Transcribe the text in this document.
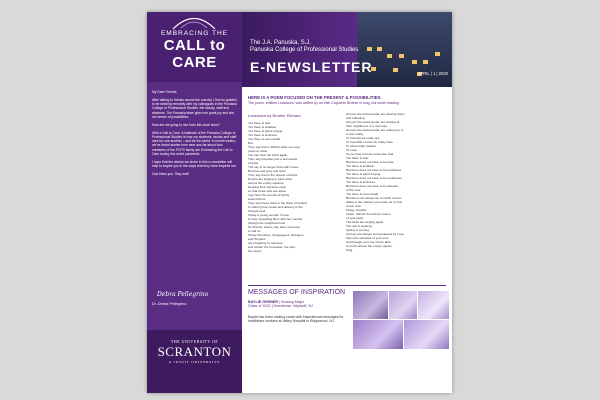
EMBRACING THE
CALL to CARE

My Dear Friends,

After talking to friends across the country, I feel so grateful to be working remotely with my colleagues in the Panuska College of Professional Studies: the faculty, staff and students. The Panuska team gives me great joy and lets me dream of possibilities.

How are we going to rise from this cruel virus?

With a Call to Care. A hallmark of the Panuska College of Professional Studies is how our students, faculty and staff care for one another – and for the world. In recent weeks, we've heard stories from near and far about how members of the PCPS family are Embracing the Call to Care during this world pandemic.

I hope that the stories we share in this e-newsletter will help to inspire you in the ways that they have inspired me.

God bless you. Stay well!

Debra Pellegrino
Dr. Debra Pellegrino
THE UNIVERSITY OF
SCRANTON
A JESUIT UNIVERSITY
The J.A. Panuska, S.J.
Panuska College of Professional Studies
E-NEWSLETTER	APRIL | 1 | 2020
HERE IS A POEM FOCUSED ON THE PRESENT & POSSIBILITIES.
The poem, entitled Lockdown, was written by an Irish Capuchin Brother is long, but worth reading.
Lockdown by Brother Richard
Yes there is fear.
Yes there is isolation.
Yes there is panic buying.
Yes there is sickness.
Yes there is even death.
But,
They say that in Wuhan after so many
years of noise
You can hear the birds again.
They say that after just a few weeks
of quiet
The sky is no longer thick with fumes
But blue and grey and clear.
They say that in the streets of Assisi
People are singing to each other
across the empty squares,
keeping their windows open
so that those who are alone
may hear the sounds of family
around them.
They say that a hotel in the West of Ireland
Is offering free meals and delivery to the
housebound.
Today a young woman I know
is busy spreading fliers with her number
through the neighbourhood
So that the elders may have someone
to call on.
Today Churches, Synagogues, Mosques
and Temples
are preparing to welcome
and shelter the homeless, the sick,
the weary
All over the world people are slowing down
and reflecting
All over the world people are looking at
their neighbours in a new way
All over the world people are waking up to
a new reality
To how big we really are.
To how little control we really have.
To what really matters.
To Love.
So we pray and we remember that
Yes there is fear.
But there does not have to be hate.
Yes there is isolation.
But there does not have to be loneliness.
Yes there is panic buying.
But there does not have to be meanness.
Yes there is sickness.
But there does not have to be disease
of the soul
Yes there is even death.
But there can always be a rebirth of love.
Wake to the choices you make as to how
to live now.
Today, breathe.
Listen, behind the factory noises
of your panic
The birds are singing again
The sky is clearing,
Spring is coming,
And we are always encompassed by Love.
Open the windows of your soul
And though you may not be able
to touch across the empty square,
Sing.
MESSAGES OF INSPIRATION
BAYLIE GERBER | Nursing Major
Class of 2022 | Hometown: Wyckoff, NJ
Baylie has been making cards with inspirational messages for healthcare workers at Valley Hospital in Ridgewood, NJ.
